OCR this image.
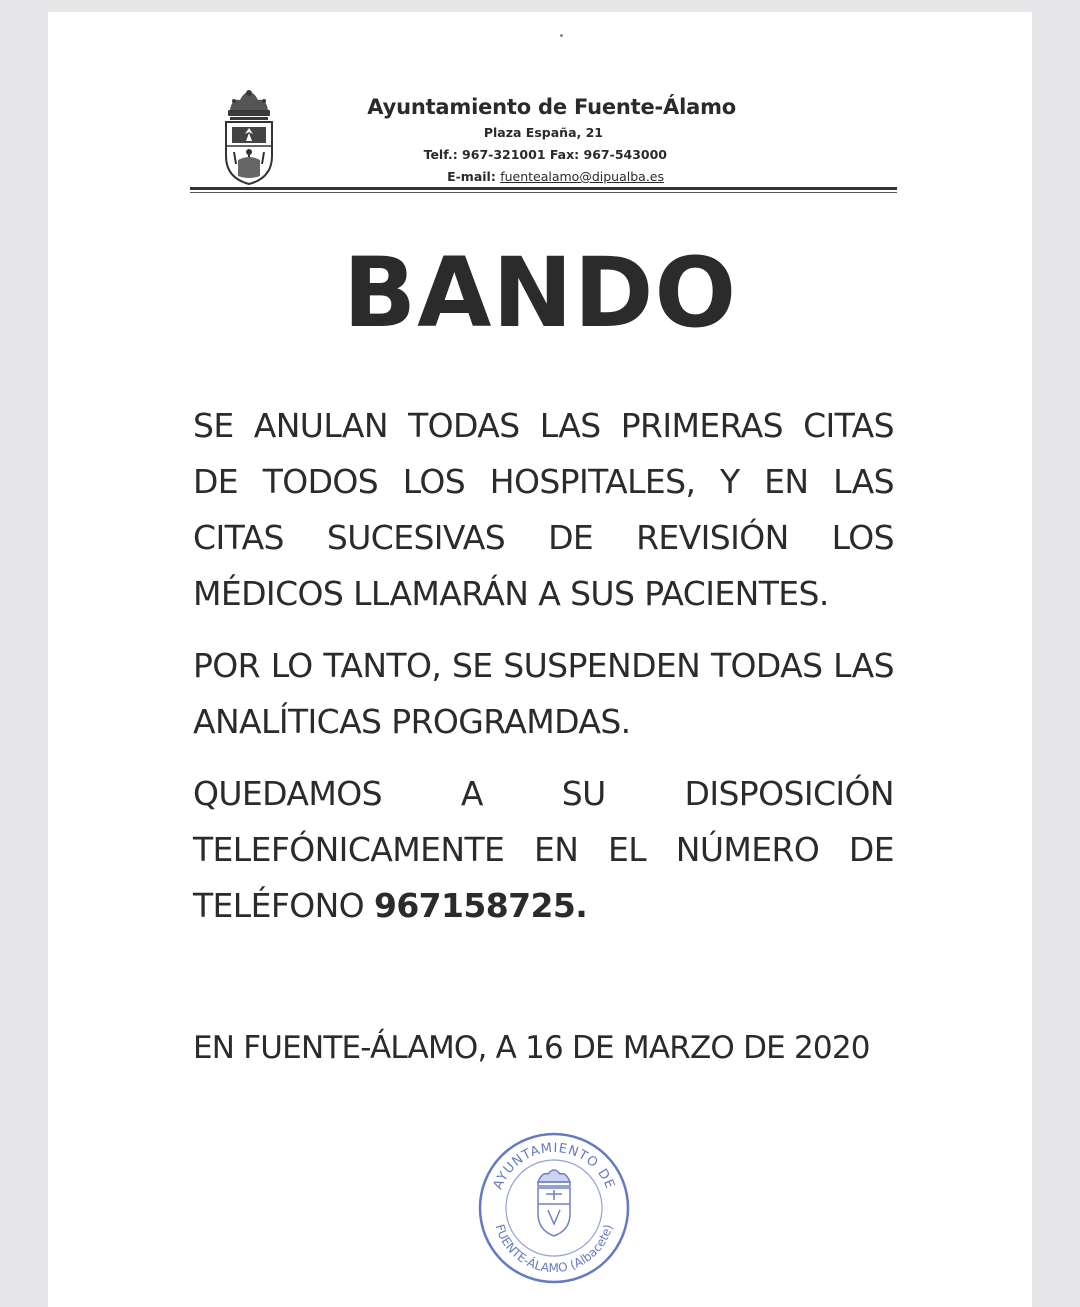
Ayuntamiento de Fuente-Álamo
Plaza España, 21
Telf.: 967-321001 Fax: 967-543000
E-mail: fuentealamo@dipualba.es
BANDO
SE ANULAN TODAS LAS PRIMERAS CITAS DE TODOS LOS HOSPITALES, Y EN LAS CITAS SUCESIVAS DE REVISIÓN LOS MÉDICOS LLAMARÁN A SUS PACIENTES.
POR LO TANTO, SE SUSPENDEN TODAS LAS ANALÍTICAS PROGRAMDAS.
QUEDAMOS A SU DISPOSICIÓN TELEFÓNICAMENTE EN EL NÚMERO DE TELÉFONO 967158725.
EN FUENTE-ÁLAMO, A 16 DE MARZO DE 2020
AYUNTAMIENTO DE
FUENTE-ÁLAMO (Albacete)
